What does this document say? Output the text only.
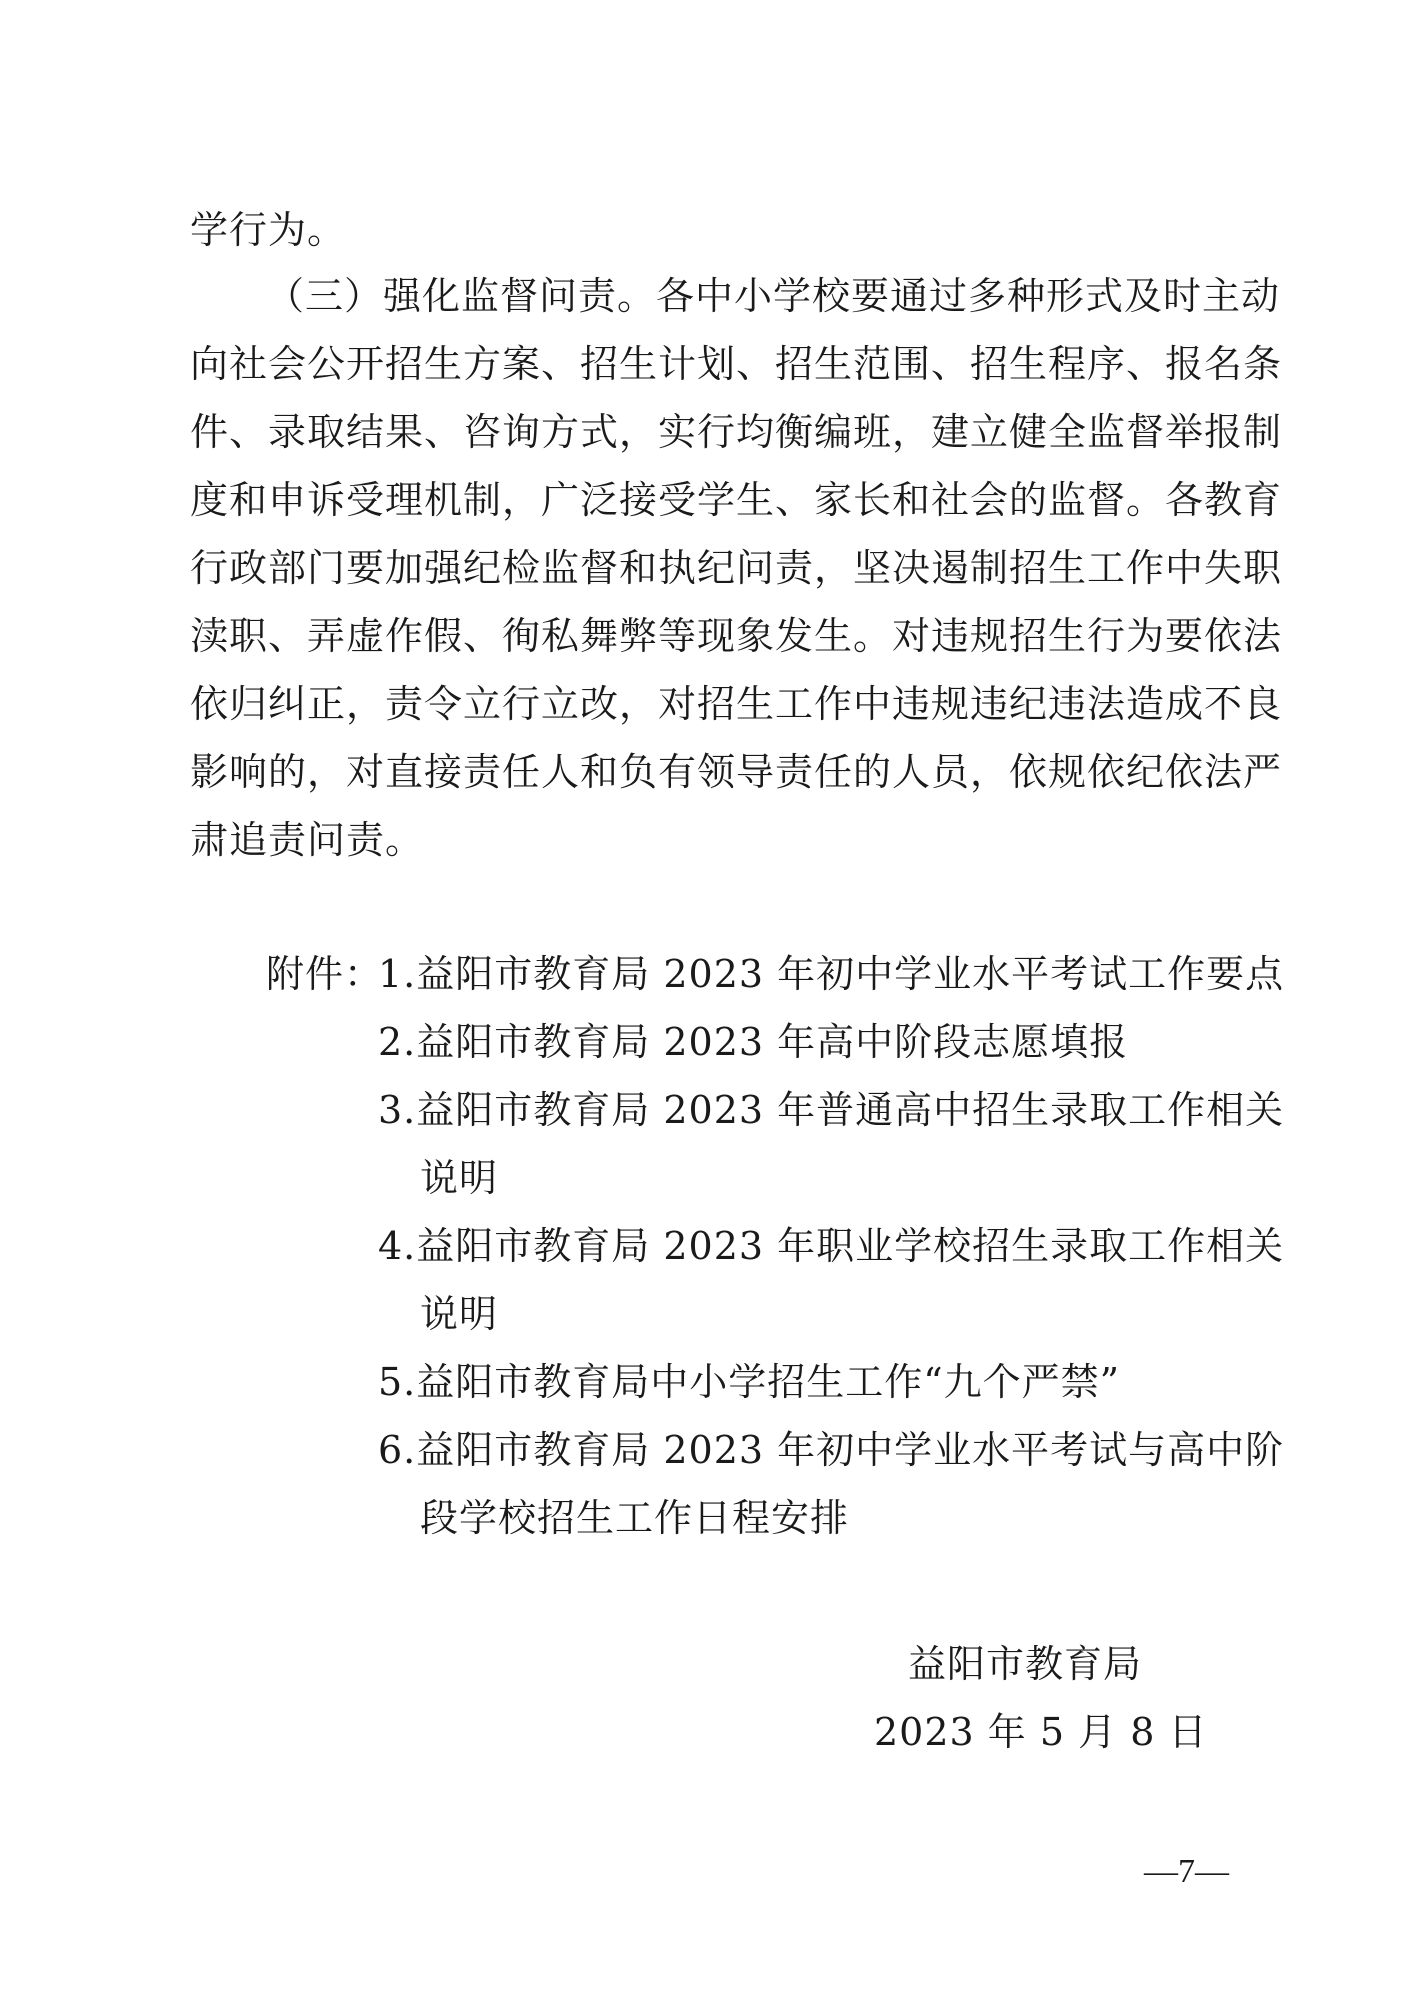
学行为。
（三）强化监督问责。各中小学校要通过多种形式及时主动
向社会公开招生方案、招生计划、招生范围、招生程序、报名条
件、录取结果、咨询方式，实行均衡编班，建立健全监督举报制
度和申诉受理机制，广泛接受学生、家长和社会的监督。各教育
行政部门要加强纪检监督和执纪问责，坚决遏制招生工作中失职
渎职、弄虚作假、徇私舞弊等现象发生。对违规招生行为要依法
依归纠正，责令立行立改，对招生工作中违规违纪违法造成不良
影响的，对直接责任人和负有领导责任的人员，依规依纪依法严
肃追责问责。
附件：
1.益阳市教育局 2023 年初中学业水平考试工作要点
2.益阳市教育局 2023 年高中阶段志愿填报
3.益阳市教育局 2023 年普通高中招生录取工作相关
说明
4.益阳市教育局 2023 年职业学校招生录取工作相关
说明
5.益阳市教育局中小学招生工作“九个严禁”
6.益阳市教育局 2023 年初中学业水平考试与高中阶
段学校招生工作日程安排
益阳市教育局
2023 年 5 月 8 日
—7—
